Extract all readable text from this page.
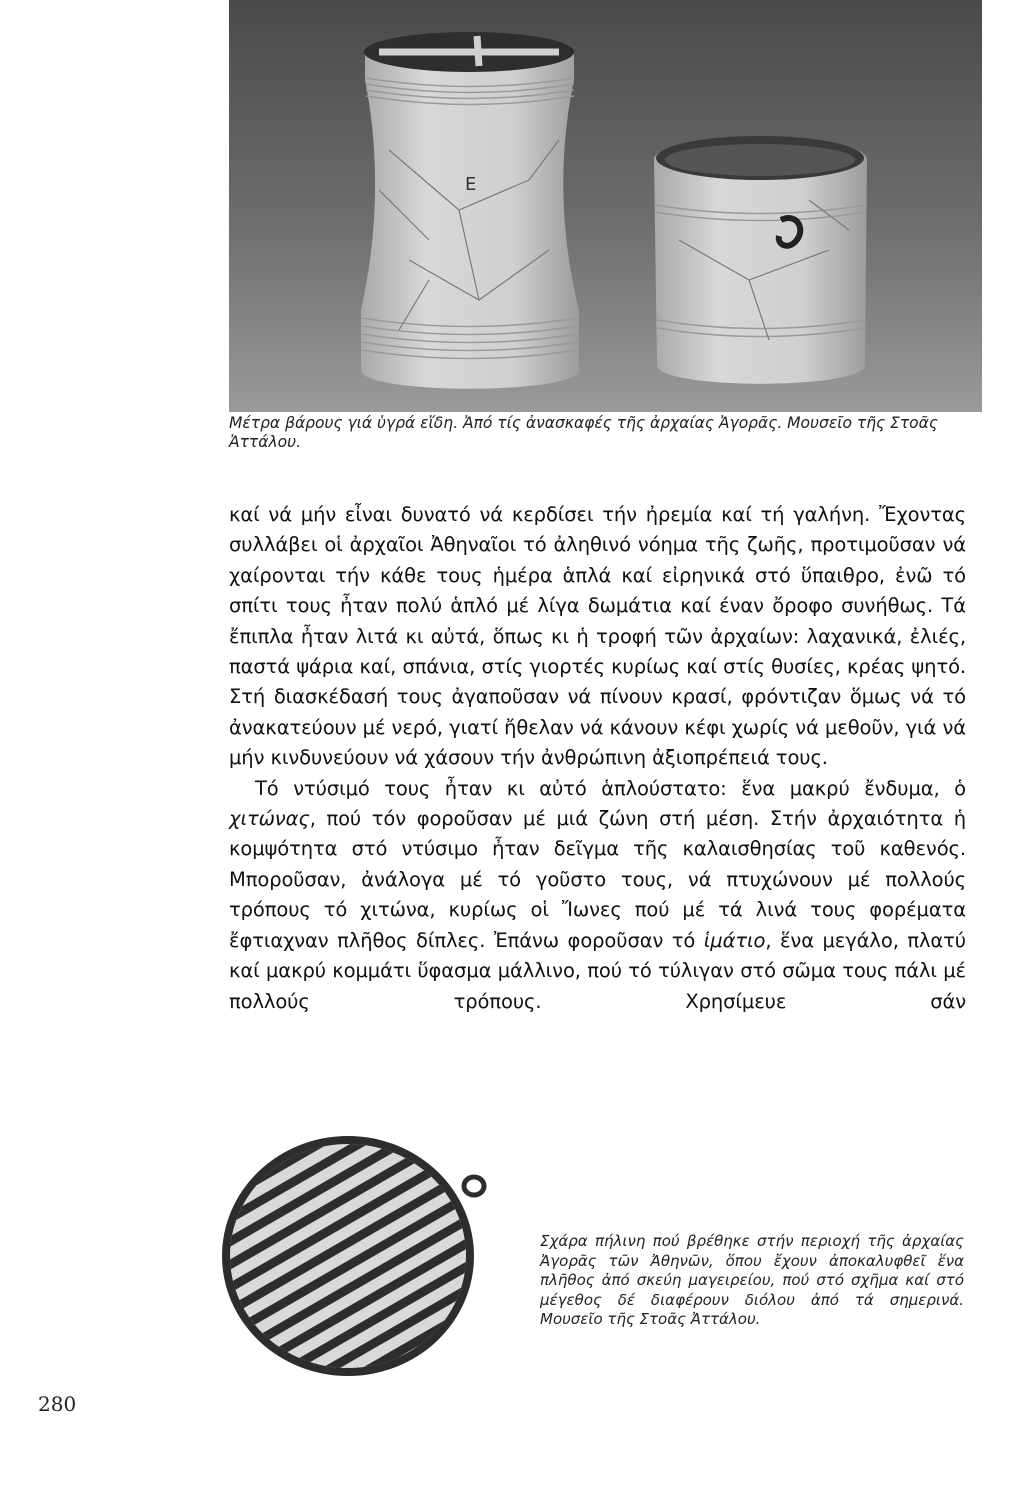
Ε

Μέτρα βάρους γιά ὑγρά εἴδη. Ἀπό τίς ἀνασκαφές τῆς ἀρχαίας Ἀγορᾶς. Μουσεῖο τῆς Στοᾶς Ἀττάλου.

καί νά μήν εἶναι δυνατό νά κερδίσει τήν ἠρεμία καί τή γαλήνη. Ἔχοντας συλλάβει οἱ ἀρχαῖοι Ἀθηναῖοι τό ἀληθινό νόημα τῆς ζωῆς, προτιμοῦσαν νά χαίρονται τήν κάθε τους ἡμέρα ἁπλά καί εἰρηνικά στό ὕπαιθρο, ἐνῶ τό σπίτι τους ἦταν πολύ ἁπλό μέ λίγα δωμάτια καί έναν ὄροφο συνήθως. Τά ἔπιπλα ἦταν λιτά κι αὐτά, ὅπως κι ἡ τροφή τῶν ἀρχαίων: λαχανικά, ἐλιές, παστά ψάρια καί, σπάνια, στίς γιορτές κυρίως καί στίς θυσίες, κρέας ψητό. Στή διασκέδασή τους ἀγαποῦσαν νά πίνουν κρασί, φρόντιζαν ὅμως νά τό ἀνακατεύουν μέ νερό, γιατί ἤθελαν νά κάνουν κέφι χωρίς νά μεθοῦν, γιά νά μήν κινδυνεύουν νά χάσουν τήν ἀνθρώπινη ἀξιοπρέπειά τους.

Τό ντύσιμό τους ἦταν κι αὐτό ἁπλούστατο: ἕνα μακρύ ἔνδυμα, ὁ χιτώνας, πού τόν φοροῦσαν μέ μιά ζώνη στή μέση. Στήν ἀρχαιότητα ἡ κομψότητα στό ντύσιμο ἦταν δεῖγμα τῆς καλαισθησίας τοῦ καθενός. Μποροῦσαν, ἀνάλογα μέ τό γοῦστο τους, νά πτυχώνουν μέ πολλούς τρόπους τό χιτώνα, κυρίως οἱ Ἴωνες πού μέ τά λινά τους φορέματα ἔφτιαχναν πλῆθος δίπλες. Ἐπάνω φοροῦσαν τό ἱμάτιο, ἕνα μεγάλο, πλατύ καί μακρύ κομμάτι ὕφασμα μάλλινο, πού τό τύλιγαν στό σῶμα τους πάλι μέ πολλούς τρόπους. Χρησίμευε σάν

Σχάρα πήλινη πού βρέθηκε στήν περιοχή τῆς ἀρχαίας Ἀγορᾶς τῶν Ἀθηνῶν, ὅπου ἔχουν ἀποκαλυφθεῖ ἕνα πλῆθος ἀπό σκεύη μαγειρείου, πού στό σχῆμα καί στό μέγεθος δέ διαφέρουν διόλου ἀπό τά σημερινά. Μουσεῖο τῆς Στοᾶς Ἀττάλου.

280
